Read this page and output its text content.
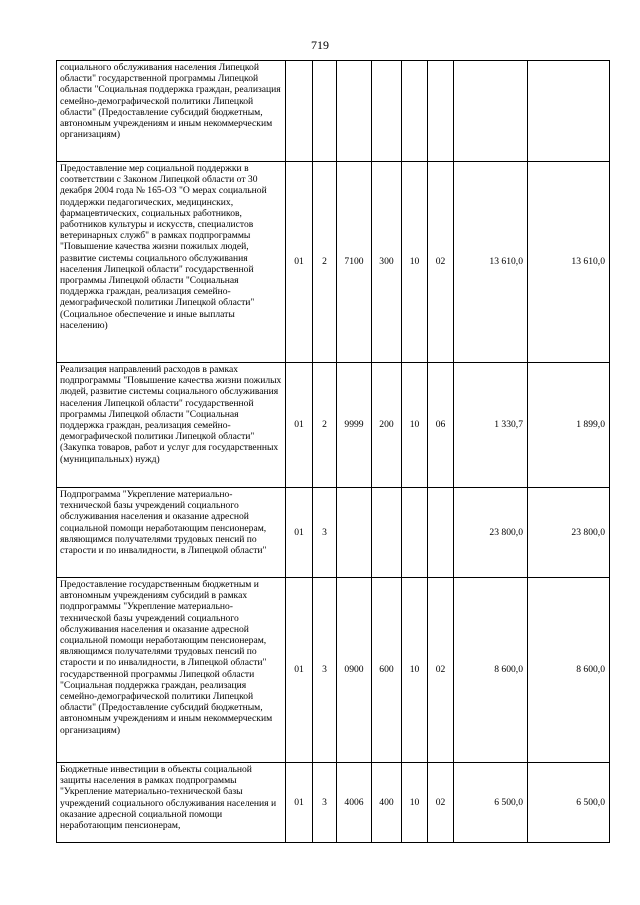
719
социального обслуживания населения Липецкой области" государственной программы Липецкой области "Социальная поддержка граждан, реализация семейно-демографической политики Липецкой области" (Предоставление субсидий бюджетным, автономным учреждениям и иным некоммерческим организациям)								
Предоставление мер социальной поддержки в соответствии с Законом Липецкой области от 30 декабря 2004 года № 165-ОЗ "О мерах социальной поддержки педагогических, медицинских, фармацевтических, социальных работников, работников культуры и искусств, специалистов ветеринарных служб" в рамках подпрограммы "Повышение качества жизни пожилых людей, развитие системы социального обслуживания населения Липецкой области" государственной программы Липецкой области "Социальная поддержка граждан, реализация семейно-демографической политики Липецкой области" (Социальное обеспечение и иные выплаты населению)	01	2	7100	300	10	02	13 610,0	13 610,0
Реализация направлений расходов в рамках подпрограммы "Повышение качества жизни пожилых людей, развитие системы социального обслуживания населения Липецкой области" государственной программы Липецкой области "Социальная поддержка граждан, реализация семейно-демографической политики Липецкой области" (Закупка товаров, работ и услуг для государственных (муниципальных) нужд)	01	2	9999	200	10	06	1 330,7	1 899,0
Подпрограмма "Укрепление материально-технической базы учреждений социального обслуживания населения и оказание адресной социальной помощи неработающим пенсионерам, являющимся получателями трудовых пенсий по старости и по инвалидности, в Липецкой области"	01	3					23 800,0	23 800,0
Предоставление государственным бюджетным и автономным учреждениям субсидий в рамках подпрограммы "Укрепление материально-технической базы учреждений социального обслуживания населения и оказание адресной социальной помощи неработающим пенсионерам, являющимся получателями трудовых пенсий по старости и по инвалидности, в Липецкой области" государственной программы Липецкой области "Социальная поддержка граждан, реализация семейно-демографической политики Липецкой области" (Предоставление субсидий бюджетным, автономным учреждениям и иным некоммерческим организациям)	01	3	0900	600	10	02	8 600,0	8 600,0
Бюджетные инвестиции в объекты социальной защиты населения в рамках подпрограммы "Укрепление материально-технической базы учреждений социального обслуживания населения и оказание адресной социальной помощи неработающим пенсионерам,	01	3	4006	400	10	02	6 500,0	6 500,0
